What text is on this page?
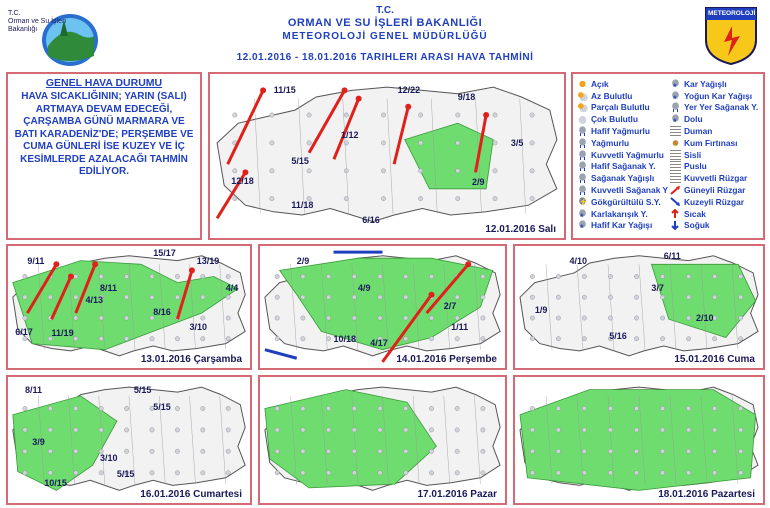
T.C.
Orman ve Su İşleri
Bakanlığı
T.C.
ORMAN VE SU İŞLERİ BAKANLIĞI
METEOROLOJİ GENEL MÜDÜRLÜĞÜ
12.01.2016 - 18.01.2016 TARIHLERI ARASI HAVA TAHMİNİ
METEOROLOJİ
GENEL HAVA DURUMU
HAVA SICAKLIĞININ; YARIN (SALI) ARTMAYA DEVAM EDECEĞİ, ÇARŞAMBA GÜNÜ MARMARA VE BATI KARADENİZ'DE; PERŞEMBE VE CUMA GÜNLERİ İSE KUZEY VE İÇ KESİMLERDE AZALACAĞI TAHMİN EDİLİYOR.
Açık
Az Bulutlu
Parçalı Bulutlu
Çok Bulutlu
Hafif Yağmurlu
Yağmurlu
Kuvvetli Yağmurlu
Hafif Sağanak Y.
Sağanak Yağışlı
Kuvvetli Sağanak Y
⚡
Gökgürültülü S.Y.
*
Karlakarışık Y.
*
Hafif Kar Yağışı
*
Kar Yağışlı
*
Yoğun Kar Yağışı
Yer Yer Sağanak Y.
*
Dolu
Duman
Kum Fırtınası
Sisli
Puslu
Kuvvetli Rüzgar
Güneyli Rüzgar
Kuzeyli Rüzgar
Sıcak
Soğuk
11/15	12/22
9/18
1/12
5/15
3/5
12/18
6/16
2/9
11/18
12.01.2016 Salı
9/11
15/17
13/19
8/11
4/13
8/16
6/17 11/19
3/10
4/4
13.01.2016 Çarşamba
2/9
4/9
10/18
1/11
2/7
4/17
14.01.2016 Perşembe
4/10	6/11
1/9
2/10
5/16
3/7
15.01.2016 Cuma
8/11	5/15
5/15
3/9
10/15
3/10
5/15
16.01.2016 Cumartesi	17.01.2016 Pazar	18.01.2016 Pazartesi
